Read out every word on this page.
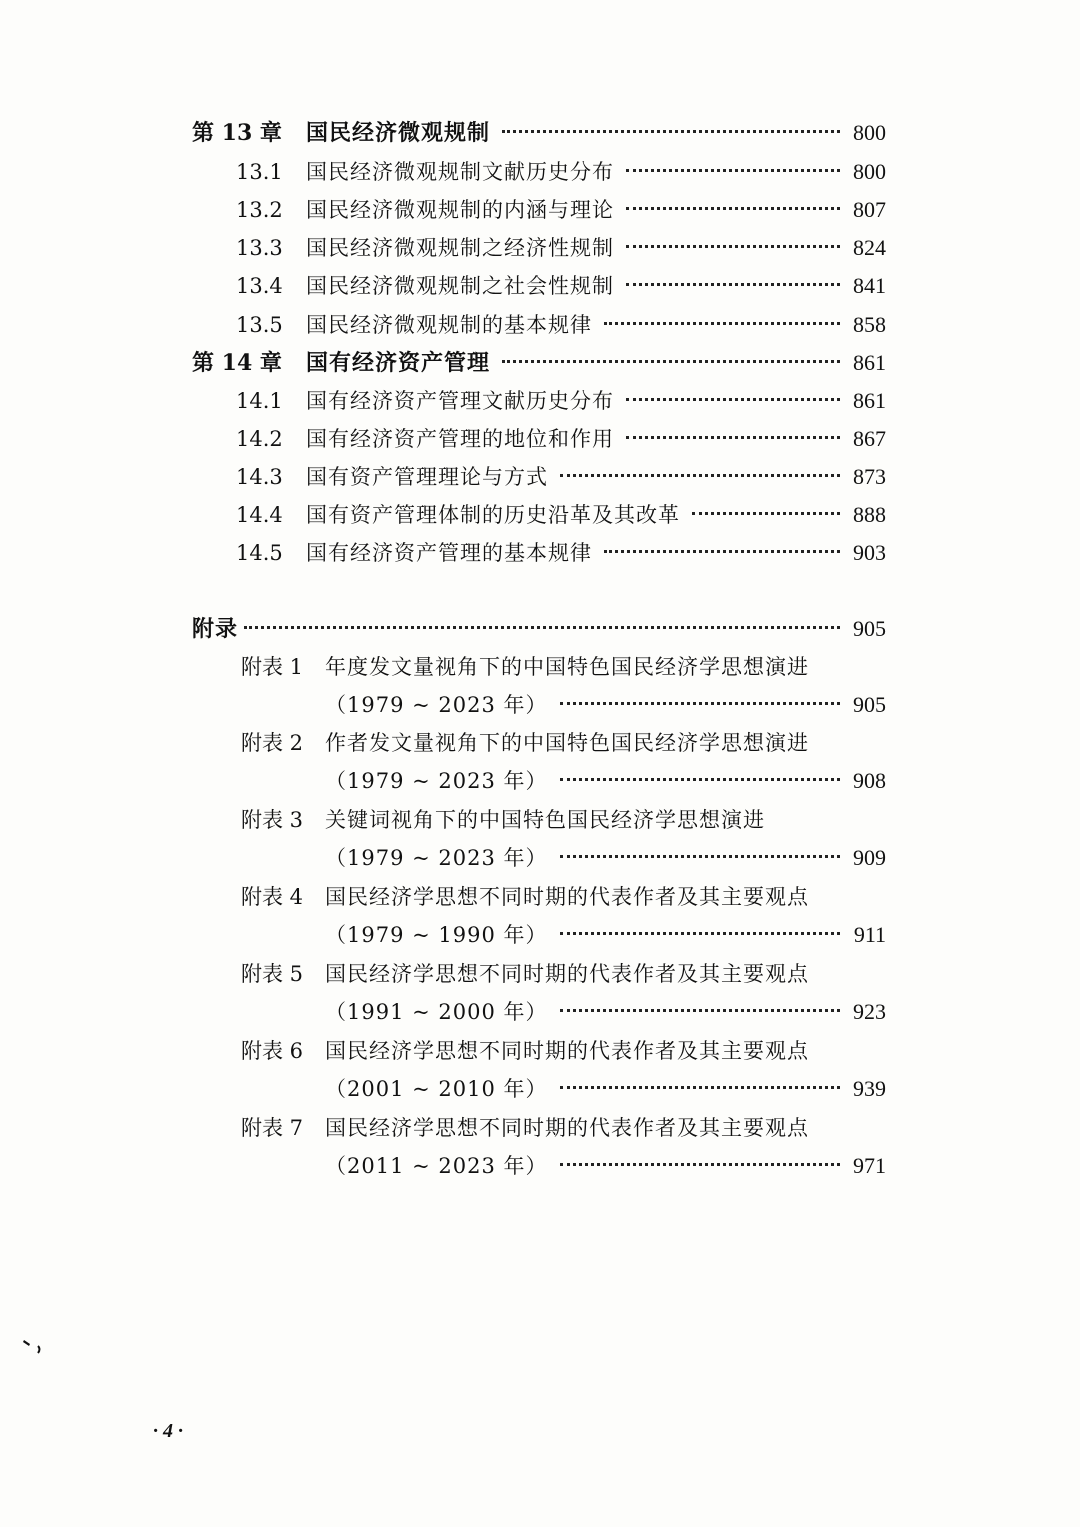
第 13 章 国民经济微观规制	800
13.1	国民经济微观规制文献历史分布	800
13.2	国民经济微观规制的内涵与理论	807
13.3	国民经济微观规制之经济性规制	824
13.4	国民经济微观规制之社会性规制	841
13.5	国民经济微观规制的基本规律	858
第 14 章 国有经济资产管理	861
14.1	国有经济资产管理文献历史分布	861
14.2	国有经济资产管理的地位和作用	867
14.3	国有资产管理理论与方式	873
14.4	国有资产管理体制的历史沿革及其改革	888
14.5	国有经济资产管理的基本规律	903
附录	905
附表 1	年度发文量视角下的中国特色国民经济学思想演进
（1979 ~ 2023 年）	905
附表 2	作者发文量视角下的中国特色国民经济学思想演进
（1979 ~ 2023 年）	908
附表 3	关键词视角下的中国特色国民经济学思想演进
（1979 ~ 2023 年）	909
附表 4	国民经济学思想不同时期的代表作者及其主要观点
（1979 ~ 1990 年）	911
附表 5	国民经济学思想不同时期的代表作者及其主要观点
（1991 ~ 2000 年）	923
附表 6	国民经济学思想不同时期的代表作者及其主要观点
（2001 ~ 2010 年）	939
附表 7	国民经济学思想不同时期的代表作者及其主要观点
（2011 ~ 2023 年）	971
· 4 ·
